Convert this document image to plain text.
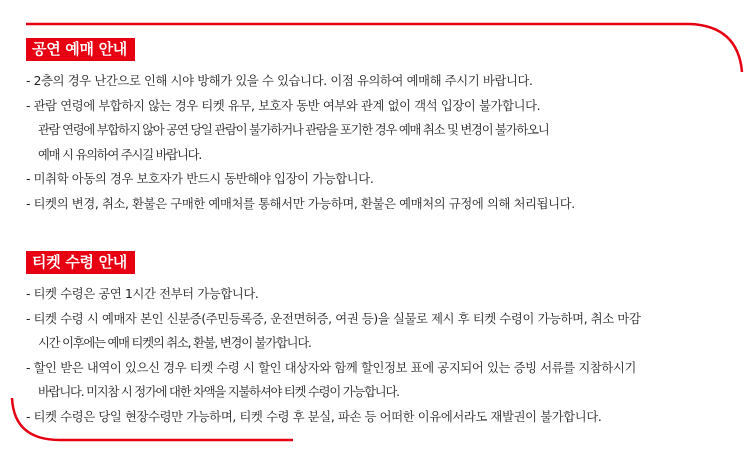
공연 예매 안내
- 2층의 경우 난간으로 인해 시야 방해가 있을 수 있습니다. 이점 유의하여 예매해 주시기 바랍니다.
- 관람 연령에 부합하지 않는 경우 티켓 유무, 보호자 동반 여부와 관계 없이 객석 입장이 불가합니다.
관람 연령에 부합하지 않아 공연 당일 관람이 불가하거나 관람을 포기한 경우 예매 취소 및 변경이 불가하오니
예매 시 유의하여 주시길 바랍니다.
- 미취학 아동의 경우 보호자가 반드시 동반해야 입장이 가능합니다.
- 티켓의 변경, 취소, 환불은 구매한 예매처를 통해서만 가능하며, 환불은 예매처의 규정에 의해 처리됩니다.
티켓 수령 안내
- 티켓 수령은 공연 1시간 전부터 가능합니다.
- 티켓 수령 시 예매자 본인 신분증(주민등록증, 운전면허증, 여권 등)을 실물로 제시 후 티켓 수령이 가능하며, 취소 마감
시간 이후에는 예매 티켓의 취소, 환불, 변경이 불가합니다.
- 할인 받은 내역이 있으신 경우 티켓 수령 시 할인 대상자와 함께 할인정보 표에 공지되어 있는 증빙 서류를 지참하시기
바랍니다. 미지참 시 정가에 대한 차액을 지불하셔야 티켓 수령이 가능합니다.
- 티켓 수령은 당일 현장수령만 가능하며, 티켓 수령 후 분실, 파손 등 어떠한 이유에서라도 재발권이 불가합니다.
